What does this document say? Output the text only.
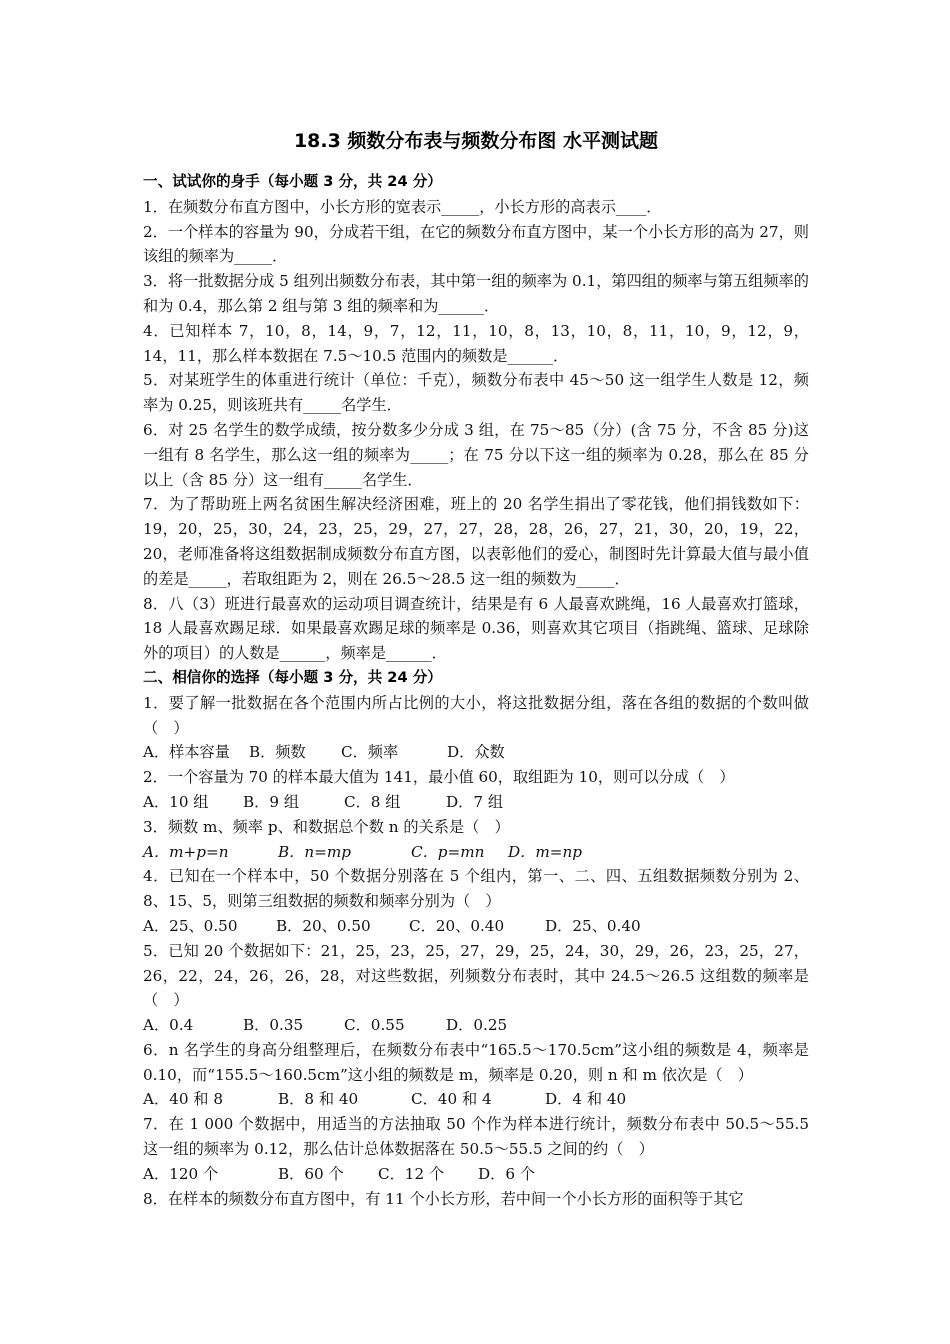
18.3 频数分布表与频数分布图 水平测试题
一、试试你的身手（每小题 3 分，共 24 分）

1．在频数分布直方图中，小长方形的宽表示_____，小长方形的高表示____．

2．一个样本的容量为 90，分成若干组，在它的频数分布直方图中，某一个小长方形的高为 27，则该组的频率为_____．

3．将一批数据分成 5 组列出频数分布表，其中第一组的频率为 0.1，第四组的频率与第五组频率的和为 0.4，那么第 2 组与第 3 组的频率和为______．

4．已知样本 7，10，8，14，9，7，12，11，10，8，13，10，8，11，10，9，12，9，14，11，那么样本数据在 7.5～10.5 范围内的频数是______．

5．对某班学生的体重进行统计（单位：千克），频数分布表中 45～50 这一组学生人数是 12，频率为 0.25，则该班共有_____名学生．

6．对 25 名学生的数学成绩，按分数多少分成 3 组，在 75～85（分）(含 75 分，不含 85 分)这一组有 8 名学生，那么这一组的频率为_____；在 75 分以下这一组的频率为 0.28，那么在 85 分以上（含 85 分）这一组有_____名学生．

7．为了帮助班上两名贫困生解决经济困难，班上的 20 名学生捐出了零花钱，他们捐钱数如下：19，20，25，30，24，23，25，29，27，27，28，28，26，27，21，30，20，19，22，20，老师准备将这组数据制成频数分布直方图，以表彰他们的爱心，制图时先计算最大值与最小值的差是_____，若取组距为 2，则在 26.5～28.5 这一组的频数为_____．

8．八（3）班进行最喜欢的运动项目调查统计，结果是有 6 人最喜欢跳绳，16 人最喜欢打篮球，18 人最喜欢踢足球．如果最喜欢踢足球的频率是 0.36，则喜欢其它项目（指跳绳、篮球、足球除外的项目）的人数是______，频率是______．

二、相信你的选择（每小题 3 分，共 24 分）

1．要了解一批数据在各个范围内所占比例的大小，将这批数据分组，落在各组的数据的个数叫做（　）

A．样本容量	B．频数	C．频率	D．众数

2．一个容量为 70 的样本最大值为 141，最小值 60，取组距为 10，则可以分成（　）

A．10 组	B．9 组	C．8 组	D．7 组

3．频数 m、频率 p、和数据总个数 n 的关系是（　）

A．m+p=n	B．n=mp	C．p=mn	D．m=np

4．已知在一个样本中，50 个数据分别落在 5 个组内，第一、二、四、五组数据频数分别为 2、8、15、5，则第三组数据的频数和频率分别为（　）

A．25、0.50	B．20、0.50	C．20、0.40	D．25、0.40

5．已知 20 个数据如下：21，25，23，25，27，29，25，24，30，29，26，23，25，27，26，22，24，26，26，28，对这些数据，列频数分布表时，其中 24.5～26.5 这组数的频率是（　）

A．0.4	B．0.35	C．0.55	D．0.25

6．n 名学生的身高分组整理后，在频数分布表中“165.5～170.5cm”这小组的频数是 4，频率是 0.10，而“155.5～160.5cm”这小组的频数是 m，频率是 0.20，则 n 和 m 依次是（　）

A．40 和 8	B．8 和 40	C．40 和 4	D．4 和 40

7．在 1 000 个数据中，用适当的方法抽取 50 个作为样本进行统计，频数分布表中 50.5～55.5 这一组的频率为 0.12，那么估计总体数据落在 50.5～55.5 之间的约（　）

A．120 个	B．60 个	C．12 个	D．6 个

8．在样本的频数分布直方图中，有 11 个小长方形，若中间一个小长方形的面积等于其它
